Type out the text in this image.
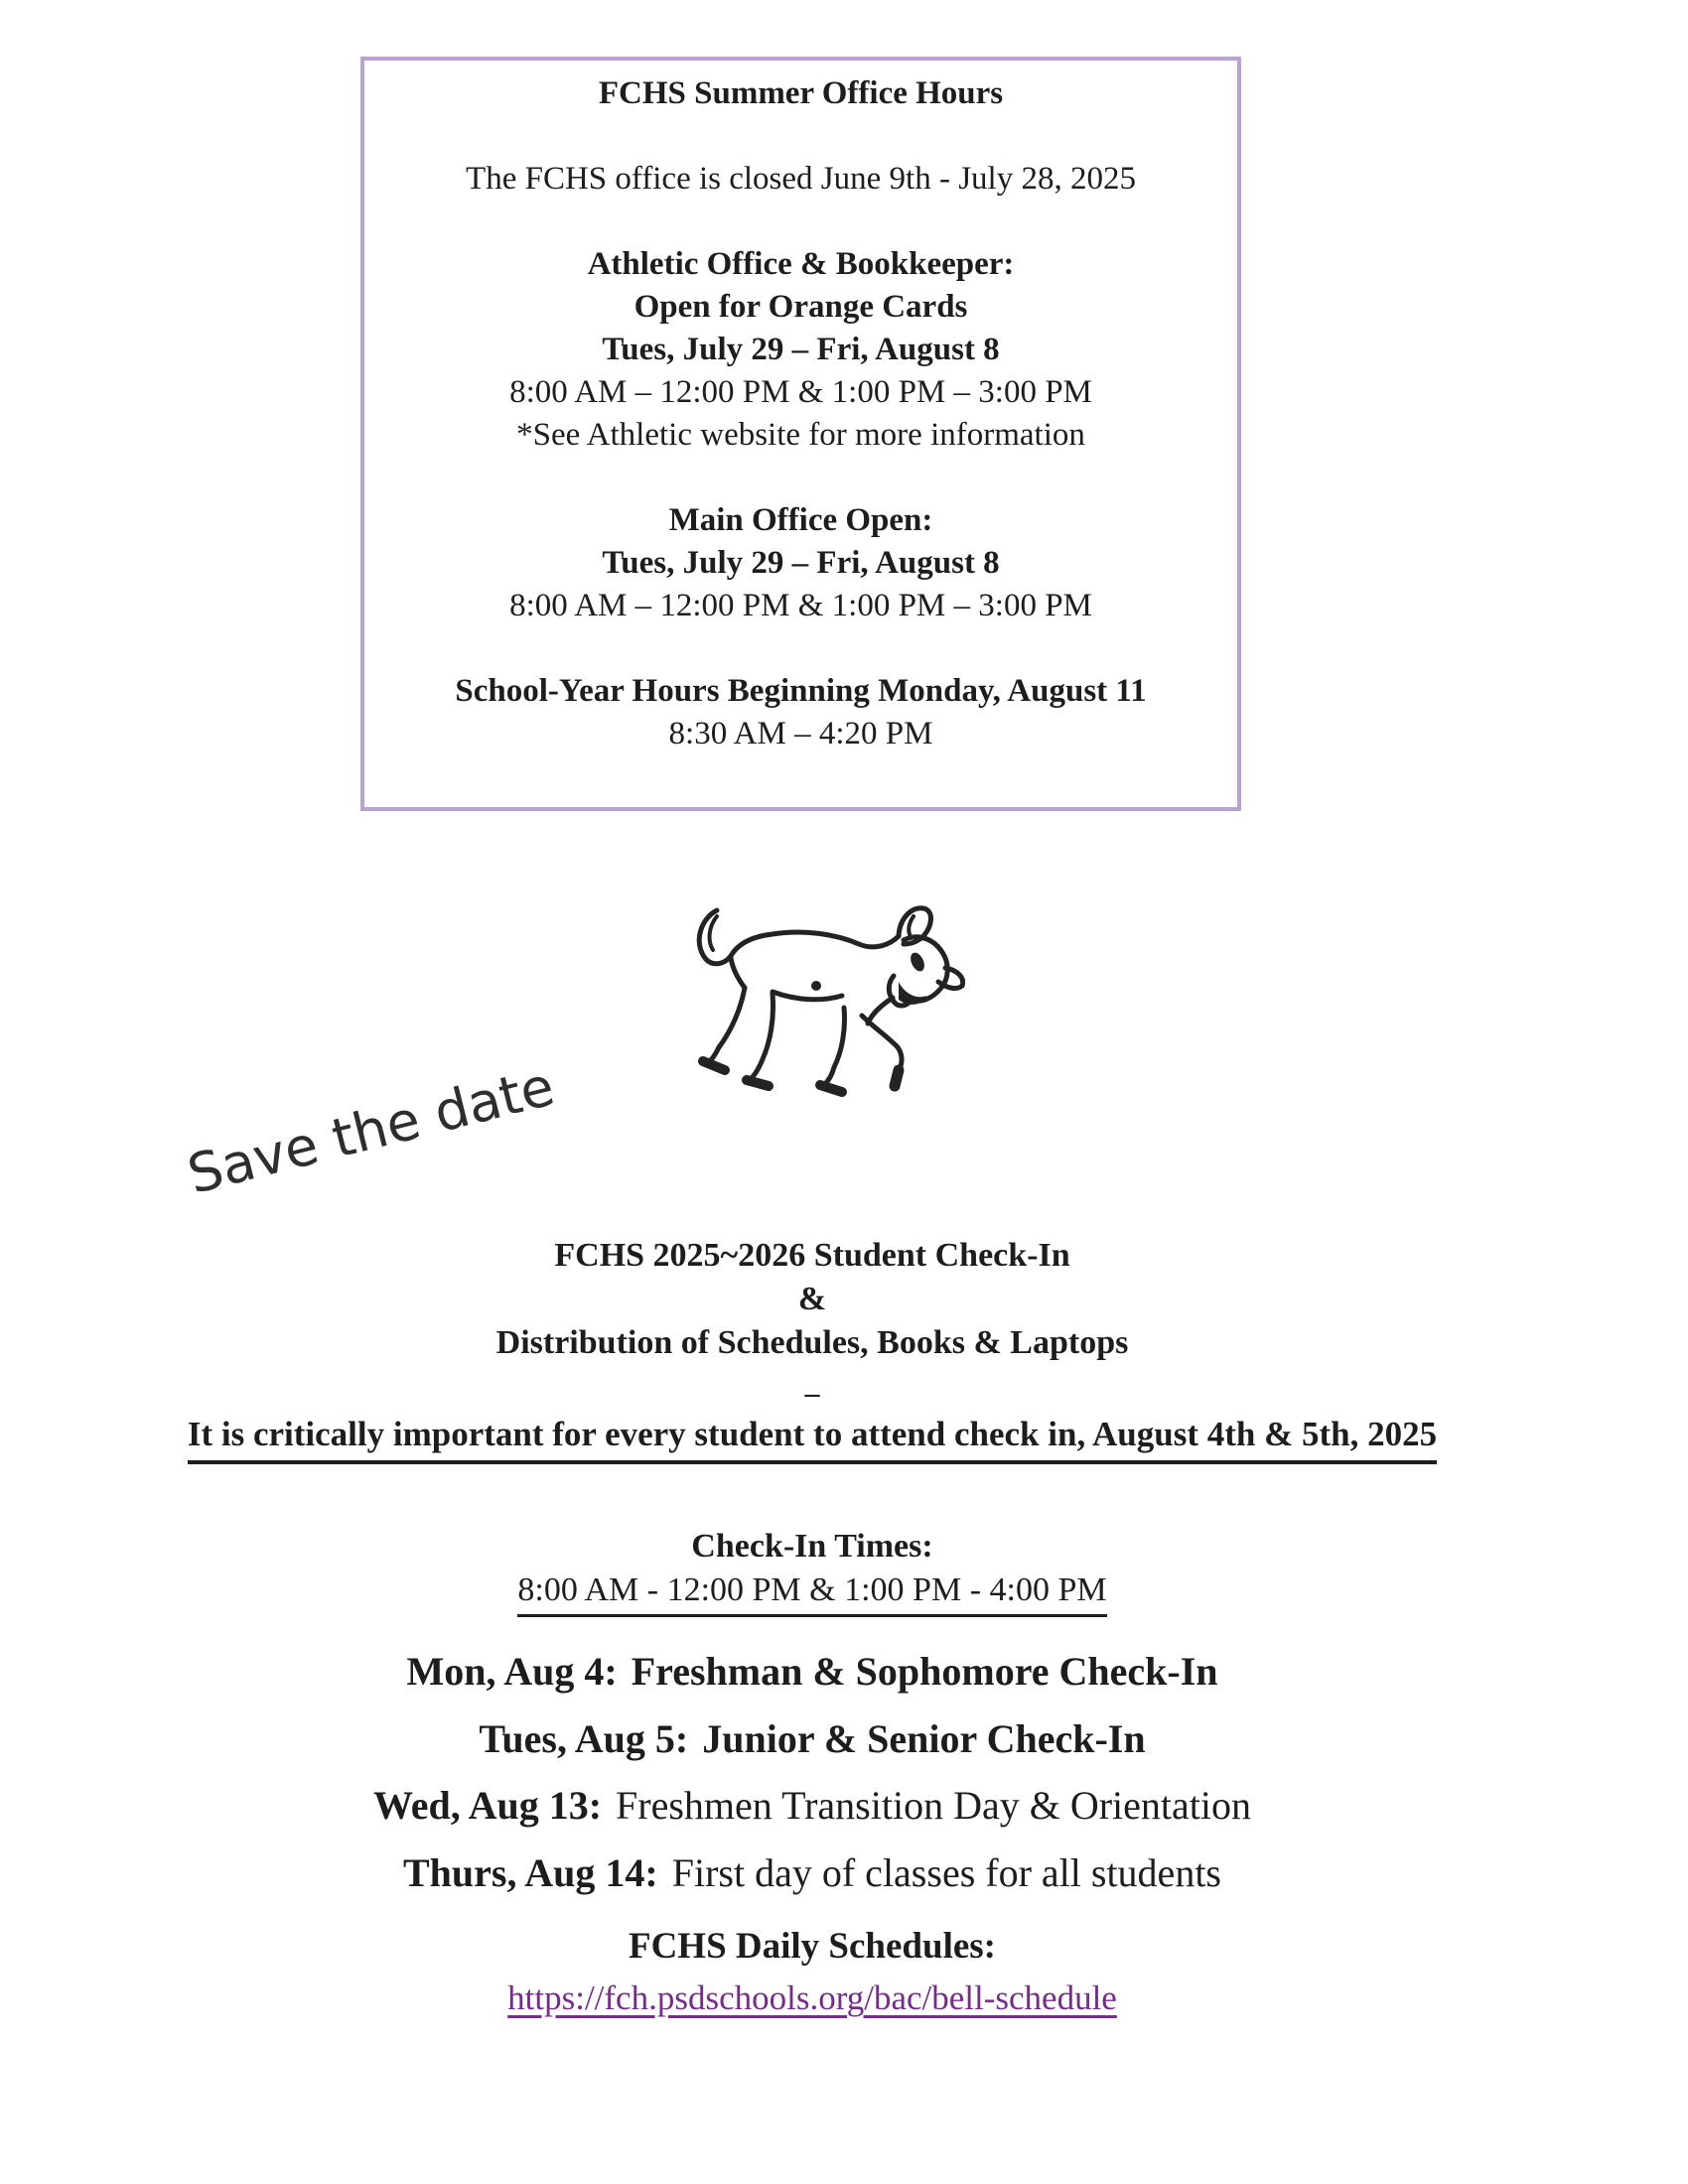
FCHS Summer Office Hours
The FCHS office is closed June 9th - July 28, 2025
Athletic Office & Bookkeeper:
Open for Orange Cards
Tues, July 29 – Fri, August 8
8:00 AM – 12:00 PM & 1:00 PM – 3:00 PM
*See Athletic website for more information
Main Office Open:
Tues, July 29 – Fri, August 8
8:00 AM – 12:00 PM & 1:00 PM – 3:00 PM
School-Year Hours Beginning Monday, August 11
8:30 AM – 4:20 PM
Save the date
FCHS 2025~2026 Student Check-In
&
Distribution of Schedules, Books & Laptops
–
It is critically important for every student to attend check in, August 4th & 5th, 2025
Check-In Times:
8:00 AM - 12:00 PM & 1:00 PM - 4:00 PM
Mon, Aug 4: Freshman & Sophomore Check-In
Tues, Aug 5: Junior & Senior Check-In
Wed, Aug 13: Freshmen Transition Day & Orientation
Thurs, Aug 14: First day of classes for all students
FCHS Daily Schedules:
https://fch.psdschools.org/bac/bell-schedule
